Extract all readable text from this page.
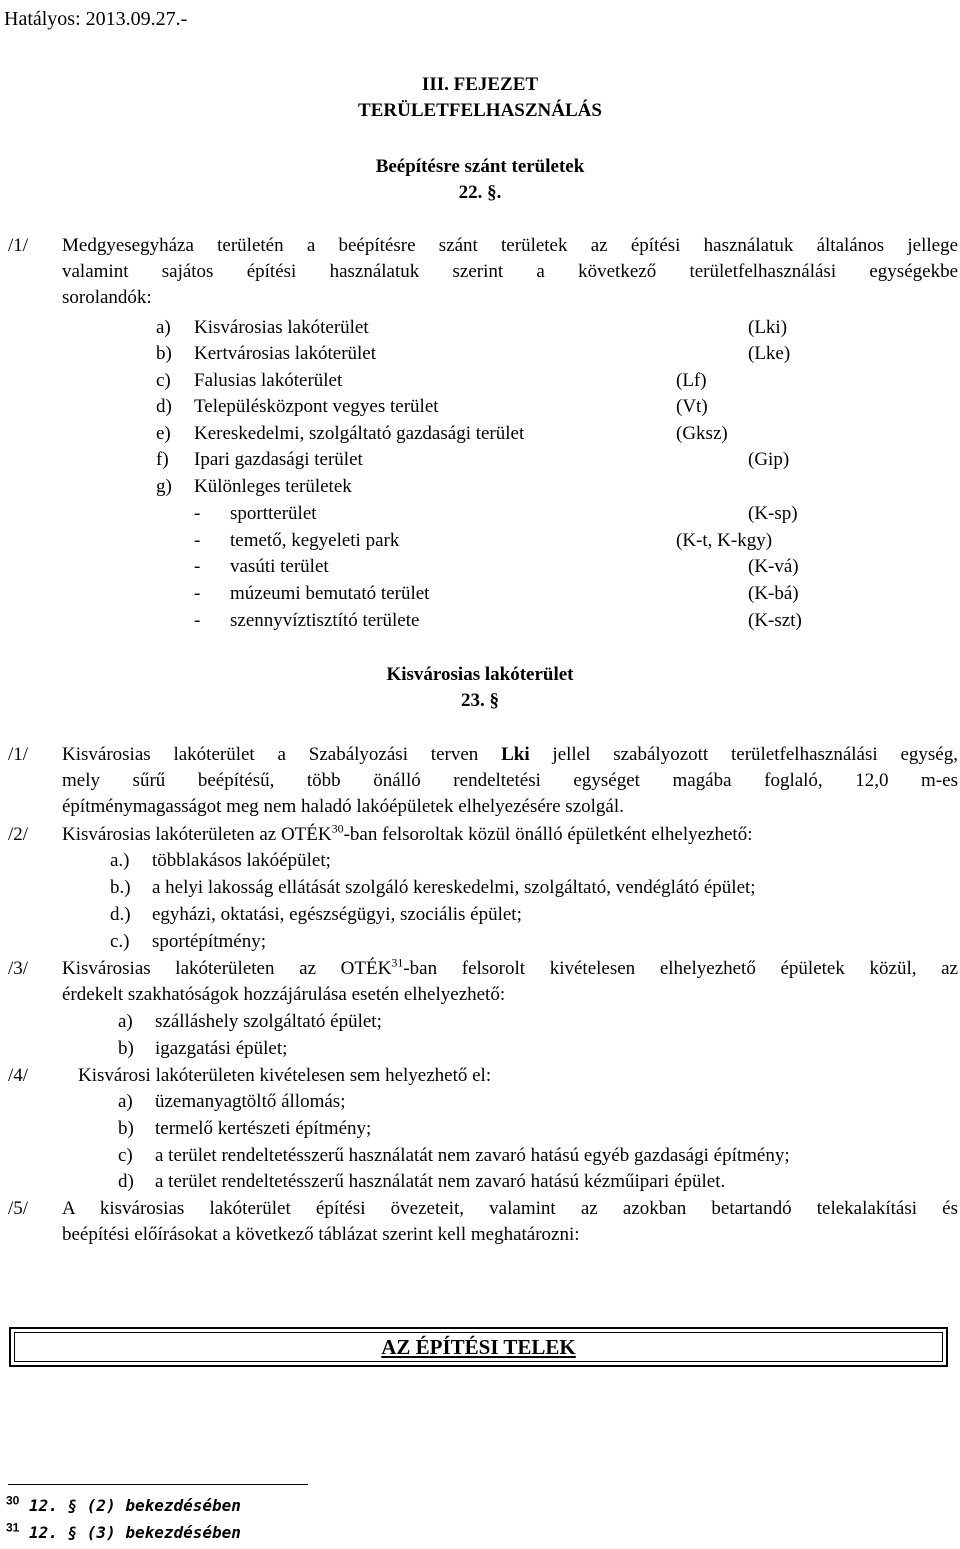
Hatályos: 2013.09.27.-
III. FEJEZET
TERÜLETFELHASZNÁLÁS
Beépítésre szánt területek
22. §.
/1/ Medgyesegyháza területén a beépítésre szánt területek az építési használatuk általános jellege
valamint sajátos építési használatuk szerint a következő területfelhasználási egységekbe
sorolandók:
a) Kisvárosias lakóterület	(Lki)
b) Kertvárosias lakóterület	(Lke)
c) Falusias lakóterület	(Lf)
d) Településközpont vegyes terület	(Vt)
e) Kereskedelmi, szolgáltató gazdasági terület	(Gksz)
f) Ipari gazdasági terület	(Gip)
g) Különleges területek
- sportterület	(K-sp)
- temető, kegyeleti park	(K-t, K-kgy)
- vasúti terület	(K-vá)
- múzeumi bemutató terület	(K-bá)
- szennyvíztisztító területe	(K-szt)
Kisvárosias lakóterület
23. §
/1/ Kisvárosias lakóterület a Szabályozási terven Lki jellel szabályozott területfelhasználási egység,
mely sűrű beépítésű, több önálló rendeltetési egységet magába foglaló, 12,0 m-es
építménymagasságot meg nem haladó lakóépületek elhelyezésére szolgál.
/2/ Kisvárosias lakóterületen az OTÉK$^{30}$-ban felsoroltak közül önálló épületként elhelyezhető:
a.) többlakásos lakóépület;
b.) a helyi lakosság ellátását szolgáló kereskedelmi, szolgáltató, vendéglátó épület;
d.) egyházi, oktatási, egészségügyi, szociális épület;
c.) sportépítmény;
/3/ Kisvárosias lakóterületen az OTÉK$^{31}$-ban felsorolt kivételesen elhelyezhető épületek közül, az
érdekelt szakhatóságok hozzájárulása esetén elhelyezhető:
a) szálláshely szolgáltató épület;
b) igazgatási épület;
/4/	Kisvárosi lakóterületen kivételesen sem helyezhető el:
a) üzemanyagtöltő állomás;
b) termelő kertészeti építmény;
c) a terület rendeltetésszerű használatát nem zavaró hatású egyéb gazdasági építmény;
d) a terület rendeltetésszerű használatát nem zavaró hatású kézműipari épület.
/5/ A kisvárosias lakóterület építési övezeteit, valamint az azokban betartandó telekalakítási és
beépítési előírásokat a következő táblázat szerint kell meghatározni:
AZ ÉPÍTÉSI TELEK
$^{30}$ 12. § (2) bekezdésében
$^{31}$ 12. § (3) bekezdésében
